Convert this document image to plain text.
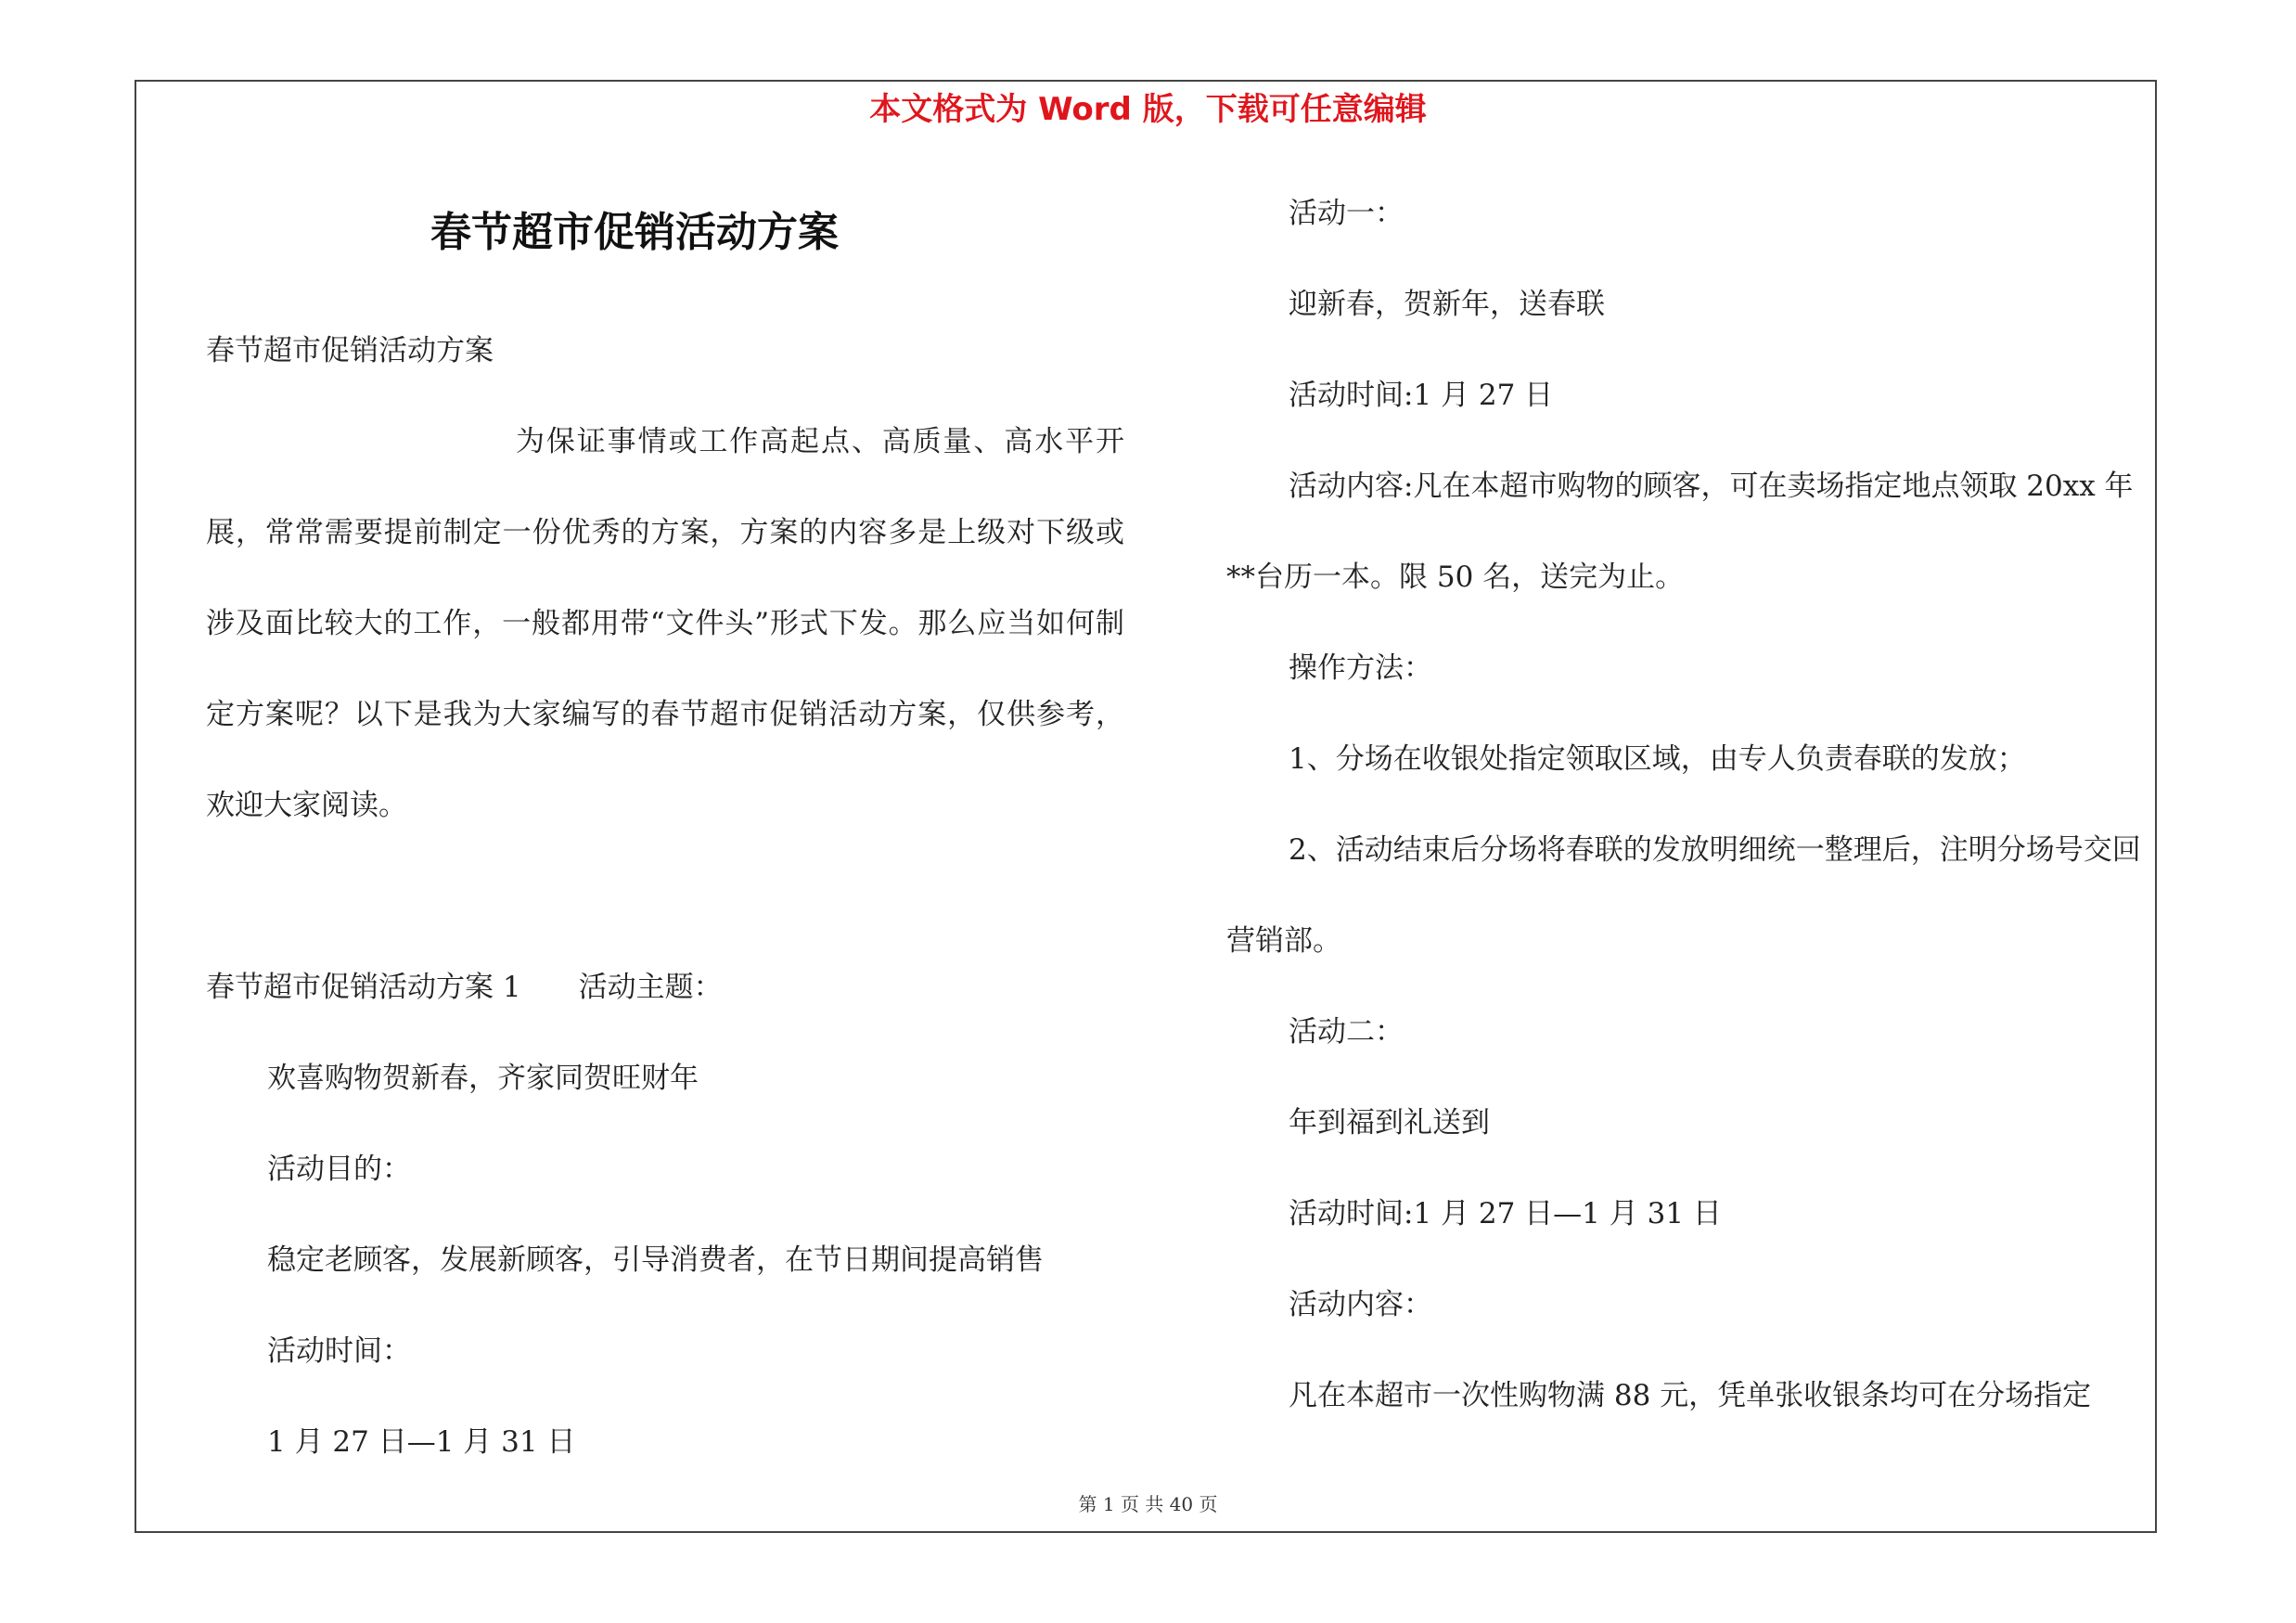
本文格式为 Word 版，下载可任意编辑
春节超市促销活动方案

春节超市促销活动方案

为保证事情或工作高起点、高质量、高水平开展，常常需要提前制定一份优秀的方案，方案的内容多是上级对下级或涉及面比较大的工作，一般都用带“文件头”形式下发。那么应当如何制定方案呢？以下是我为大家编写的春节超市促销活动方案，仅供参考，欢迎大家阅读。

春节超市促销活动方案 1　　活动主题：

欢喜购物贺新春，齐家同贺旺财年

活动目的：

稳定老顾客，发展新顾客，引导消费者，在节日期间提高销售

活动时间：

1 月 27 日—1 月 31 日

活动一：

迎新春，贺新年，送春联

活动时间:1 月 27 日

活动内容:凡在本超市购物的顾客，可在卖场指定地点领取 20xx 年**台历一本。限 50 名，送完为止。

操作方法：

1、分场在收银处指定领取区域，由专人负责春联的发放；

2、活动结束后分场将春联的发放明细统一整理后，注明分场号交回营销部。

活动二：

年到福到礼送到

活动时间:1 月 27 日—1 月 31 日

活动内容：

凡在本超市一次性购物满 88 元，凭单张收银条均可在分场指定

第 1 页 共 40 页
